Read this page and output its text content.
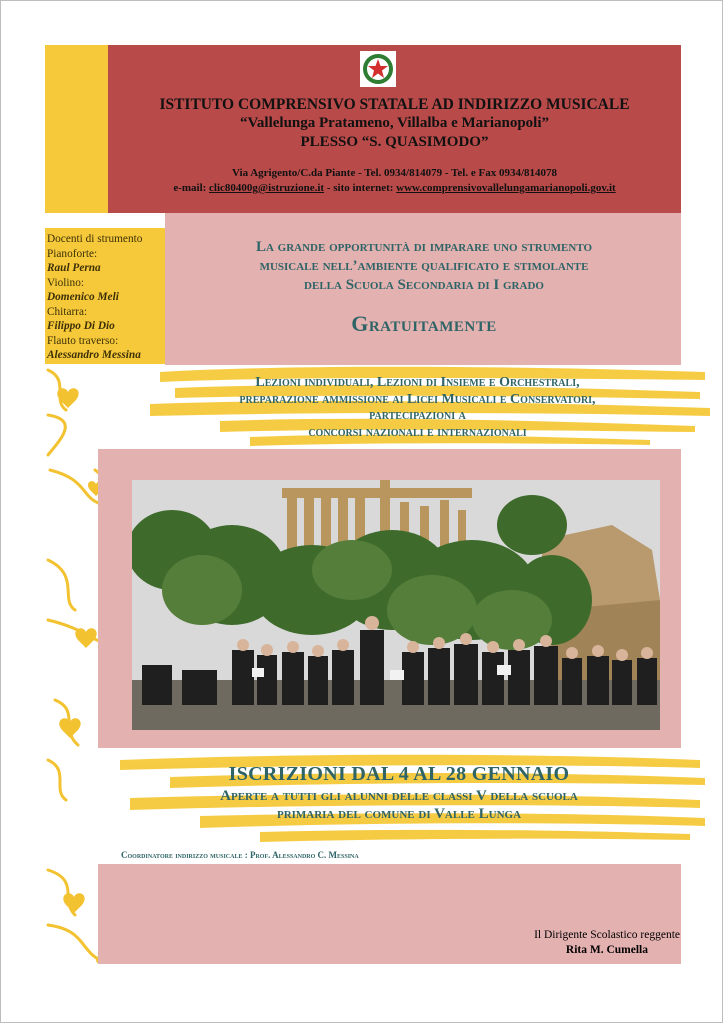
ISTITUTO COMPRENSIVO STATALE AD INDIRIZZO MUSICALE
“Vallelunga Pratameno, Villalba e Marianopoli”
PLESSO “S. QUASIMODO”
Via Agrigento/C.da Piante - Tel. 0934/814079 - Tel. e Fax 0934/814078
e-mail: clic80400g@istruzione.it - sito internet: www.comprensivovallelungamarianopoli.gov.it
Docenti di strumento
Pianoforte:
Raul Perna
Violino:
Domenico Meli
Chitarra:
Filippo Di Dio
Flauto traverso:
Alessandro Messina
La grande opportunità di imparare uno strumento
musicale nell’ambiente qualificato e stimolante
della Scuola Secondaria di I grado
Gratuitamente
Lezioni individuali, Lezioni di Insieme e Orchestrali,
preparazione ammissione ai Licei Musicali e Conservatori,
partecipazioni a
concorsi nazionali e internazionali
ISCRIZIONI DAL 4 AL 28 GENNAIO
Aperte a tutti gli alunni delle classi V della scuola
primaria del comune di Valle Lunga
Coordinatore indirizzo musicale : Prof. Alessandro C. Messina
Il Dirigente Scolastico reggente
Rita M. Cumella
